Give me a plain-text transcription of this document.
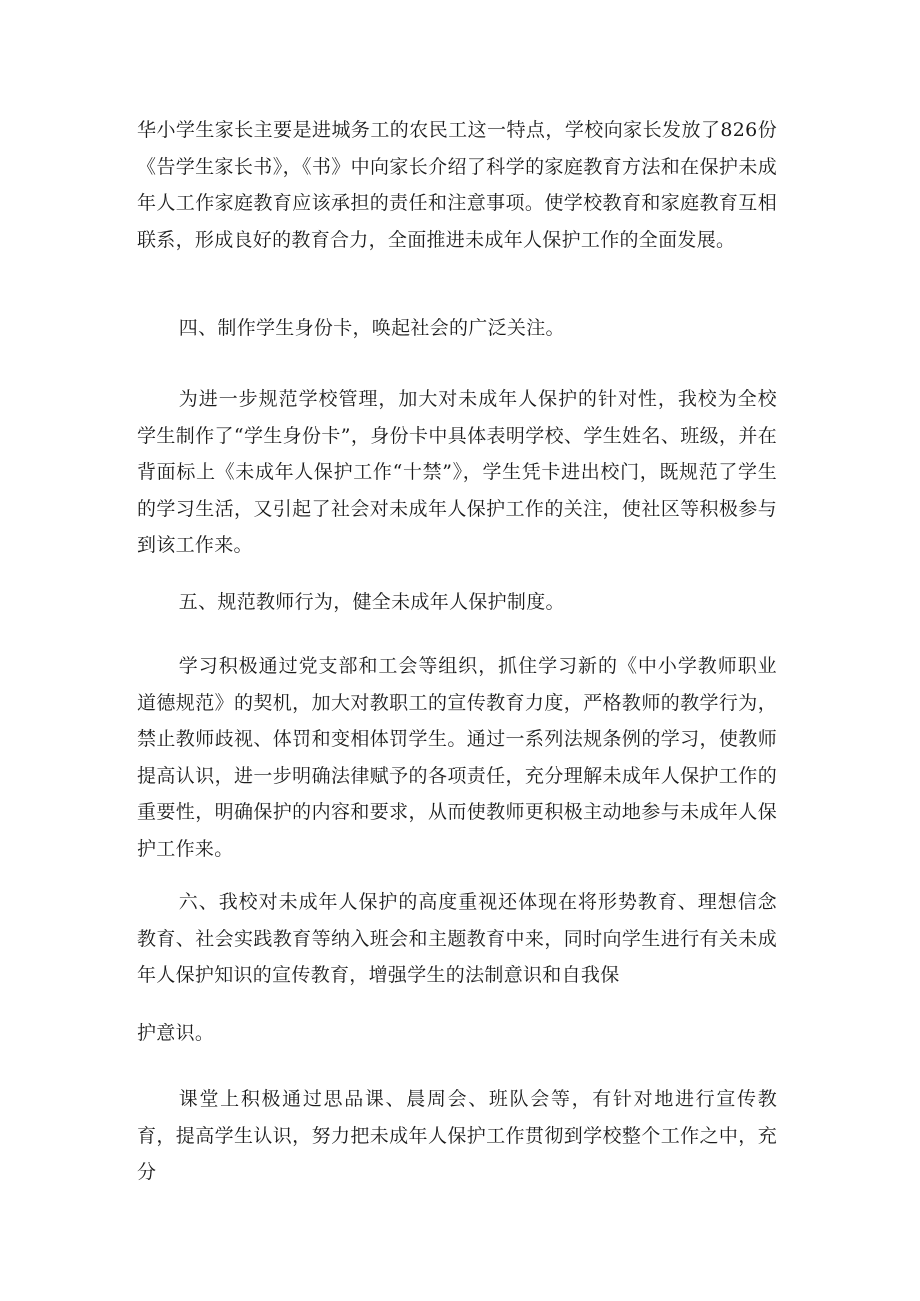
华小学生家长主要是进城务工的农民工这一特点，学校向家长发放了826份《告学生家长书》，《书》中向家长介绍了科学的家庭教育方法和在保护未成年人工作家庭教育应该承担的责任和注意事项。使学校教育和家庭教育互相联系，形成良好的教育合力，全面推进未成年人保护工作的全面发展。

四、制作学生身份卡，唤起社会的广泛关注。

为进一步规范学校管理，加大对未成年人保护的针对性，我校为全校学生制作了“学生身份卡”，身份卡中具体表明学校、学生姓名、班级，并在背面标上《未成年人保护工作“十禁”》，学生凭卡进出校门，既规范了学生的学习生活，又引起了社会对未成年人保护工作的关注，使社区等积极参与到该工作来。

五、规范教师行为，健全未成年人保护制度。

学习积极通过党支部和工会等组织，抓住学习新的《中小学教师职业道德规范》的契机，加大对教职工的宣传教育力度，严格教师的教学行为，禁止教师歧视、体罚和变相体罚学生。通过一系列法规条例的学习，使教师提高认识，进一步明确法律赋予的各项责任，充分理解未成年人保护工作的重要性，明确保护的内容和要求，从而使教师更积极主动地参与未成年人保护工作来。

六、我校对未成年人保护的高度重视还体现在将形势教育、理想信念教育、社会实践教育等纳入班会和主题教育中来，同时向学生进行有关未成年人保护知识的宣传教育，增强学生的法制意识和自我保

护意识。

课堂上积极通过思品课、晨周会、班队会等，有针对地进行宣传教育，提高学生认识，努力把未成年人保护工作贯彻到学校整个工作之中，充分
